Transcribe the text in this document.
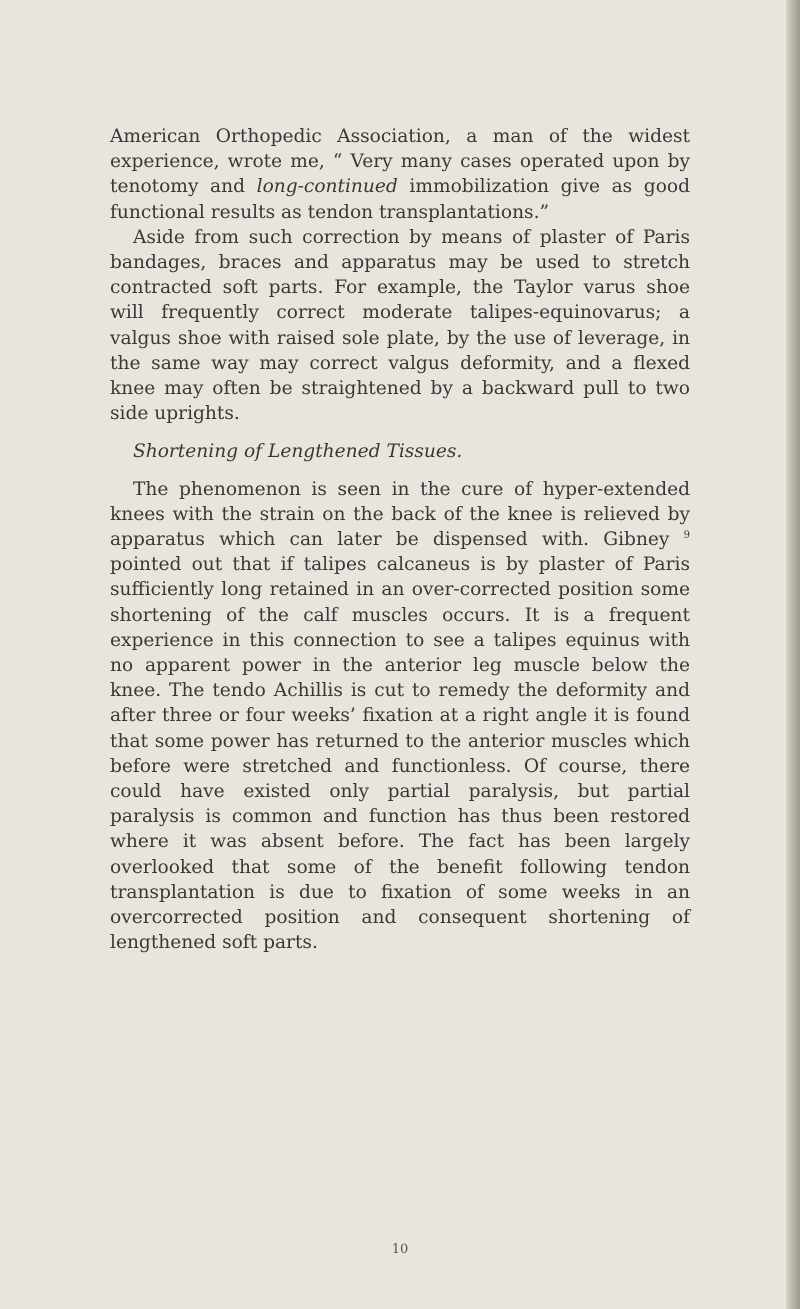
American Orthopedic Association, a man of the widest experience, wrote me, “ Very many cases operated upon by tenotomy and long-continued immobilization give as good functional results as tendon transplantations.”

Aside from such correction by means of plaster of Paris bandages, braces and apparatus may be used to stretch contracted soft parts. For example, the Taylor varus shoe will frequently correct moderate talipes-equinovarus; a valgus shoe with raised sole plate, by the use of leverage, in the same way may correct valgus deformity, and a flexed knee may often be straightened by a backward pull to two side uprights.

Shortening of Lengthened Tissues.

The phenomenon is seen in the cure of hyper-extended knees with the strain on the back of the knee is relieved by apparatus which can later be dispensed with. Gibney $^9$ pointed out that if talipes calcaneus is by plaster of Paris sufficiently long retained in an over-corrected position some shortening of the calf muscles occurs. It is a frequent experience in this connection to see a talipes equinus with no apparent power in the anterior leg muscle below the knee. The tendo Achillis is cut to remedy the deformity and after three or four weeks’ fixation at a right angle it is found that some power has returned to the anterior muscles which before were stretched and functionless. Of course, there could have existed only partial paralysis, but partial paralysis is common and function has thus been restored where it was absent before. The fact has been largely overlooked that some of the benefit following tendon transplantation is due to fixation of some weeks in an overcorrected position and consequent shortening of lengthened soft parts.

10
